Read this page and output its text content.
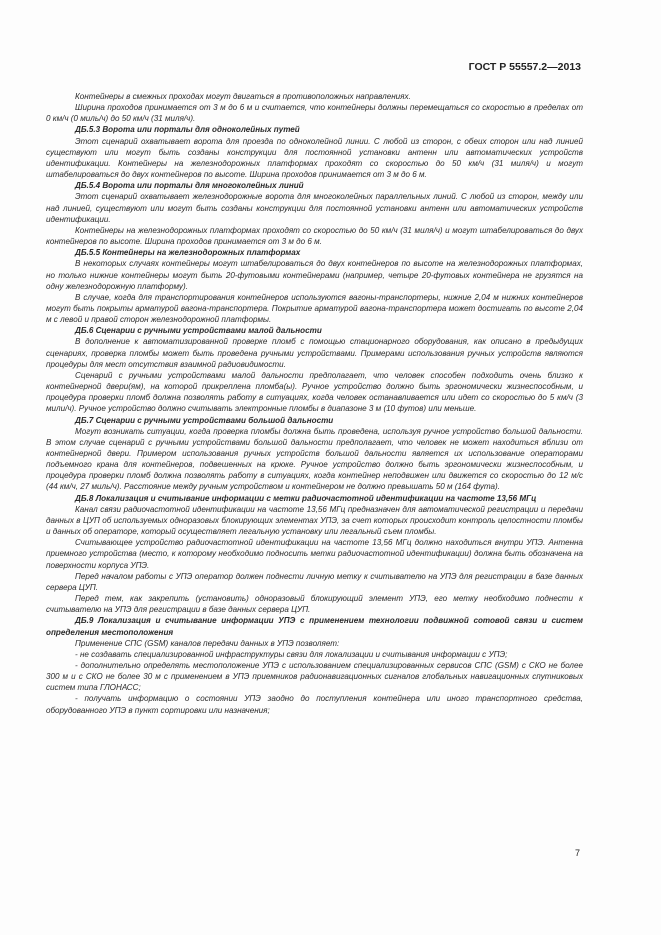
ГОСТ Р 55557.2—2013

Контейнеры в смежных проходах могут двигаться в противоположных направлениях.

Ширина проходов принимается от 3 м до 6 м и считается, что контейнеры должны перемещаться со скоростью в пределах от 0 км/ч (0 миль/ч) до 50 км/ч (31 миля/ч).

ДБ.5.3 Ворота или порталы для одноколейных путей

Этот сценарий охватывает ворота для проезда по одноколейной линии. С любой из сторон, с обеих сторон или над линией существуют или могут быть созданы конструкции для постоянной установки антенн или автоматических устройств идентификации. Контейнеры на железнодорожных платформах проходят со скоростью до 50 км/ч (31 миля/ч) и могут штабелироваться до двух контейнеров по высоте. Ширина проходов принимается от 3 м до 6 м.

ДБ.5.4 Ворота или порталы для многоколейных линий

Этот сценарий охватывает железнодорожные ворота для многоколейных параллельных линий. С любой из сторон, между или над линией, существуют или могут быть созданы конструкции для постоянной установки антенн или автоматических устройств идентификации.

Контейнеры на железнодорожных платформах проходят со скоростью до 50 км/ч (31 миля/ч) и могут штабелироваться до двух контейнеров по высоте. Ширина проходов принимается от 3 м до 6 м.

ДБ.5.5 Контейнеры на железнодорожных платформах

В некоторых случаях контейнеры могут штабелироваться до двух контейнеров по высоте на железнодорожных платформах, но только нижние контейнеры могут быть 20-футовыми контейнерами (например, четыре 20-футовых контейнера не грузятся на одну железнодорожную платформу).

В случае, когда для транспортирования контейнеров используются вагоны-транспортеры, нижние 2,04 м нижних контейнеров могут быть покрыты арматурой вагона-транспортера. Покрытие арматурой вагона-транспортера может достигать по высоте 2,04 м с левой и правой сторон железнодорожной платформы.

ДБ.6 Сценарии с ручными устройствами малой дальности

В дополнение к автоматизированной проверке пломб с помощью стационарного оборудования, как описано в предыдущих сценариях, проверка пломбы может быть проведена ручными устройствами. Примерами использования ручных устройств являются процедуры для мест отсутствия взаимной радиовидимости.

Сценарий с ручными устройствами малой дальности предполагает, что человек способен подходить очень близко к контейнерной двери(ям), на которой прикреплена пломба(ы). Ручное устройство должно быть эргономически жизнеспособным, и процедура проверки пломб должна позволять работу в ситуациях, когда человек останавливается или идет со скоростью до 5 км/ч (3 мили/ч). Ручное устройство должно считывать электронные пломбы в диапазоне 3 м (10 футов) или меньше.

ДБ.7 Сценарии с ручными устройствами большой дальности

Могут возникать ситуации, когда проверка пломбы должна быть проведена, используя ручное устройство большой дальности. В этом случае сценарий с ручными устройствами большой дальности предполагает, что человек не может находиться вблизи от контейнерной двери. Примером использования ручных устройств большой дальности является их использование операторами подъемного крана для контейнеров, подвешенных на крюке. Ручное устройство должно быть эргономически жизнеспособным, и процедура проверки пломб должна позволять работу в ситуациях, когда контейнер неподвижен или движется со скоростью до 12 м/с (44 км/ч, 27 миль/ч). Расстояние между ручным устройством и контейнером не должно превышать 50 м (164 фута).

ДБ.8 Локализация и считывание информации с метки радиочастотной идентификации на частоте 13,56 МГц

Канал связи радиочастотной идентификации на частоте 13,56 МГц предназначен для автоматической регистрации и передачи данных в ЦУП об используемых одноразовых блокирующих элементах УПЭ, за счет которых происходит контроль целостности пломбы и данных об операторе, который осуществляет легальную установку или легальный съем пломбы.

Считывающее устройство радиочастотной идентификации на частоте 13,56 МГц должно находиться внутри УПЭ. Антенна приемного устройства (место, к которому необходимо подносить метки радиочастотной идентификации) должна быть обозначена на поверхности корпуса УПЭ.

Перед началом работы с УПЭ оператор должен поднести личную метку к считывателю на УПЭ для регистрации в базе данных сервера ЦУП.

Перед тем, как закрепить (установить) одноразовый блокирующий элемент УПЭ, его метку необходимо поднести к считывателю на УПЭ для регистрации в базе данных сервера ЦУП.

ДБ.9 Локализация и считывание информации УПЭ с применением технологии подвижной сотовой связи и систем определения местоположения

Применение СПС (GSM) каналов передачи данных в УПЭ позволяет:

- не создавать специализированной инфраструктуры связи для локализации и считывания информации с УПЭ;

- дополнительно определять местоположение УПЭ с использованием специализированных сервисов СПС (GSM) с СКО не более 300 м и с СКО не более 30 м с применением в УПЭ приемников радионавигационных сигналов глобальных навигационных спутниковых систем типа ГЛОНАСС;

- получать информацию о состоянии УПЭ заодно до поступления контейнера или иного транспортного средства, оборудованного УПЭ в пункт сортировки или назначения;

7
